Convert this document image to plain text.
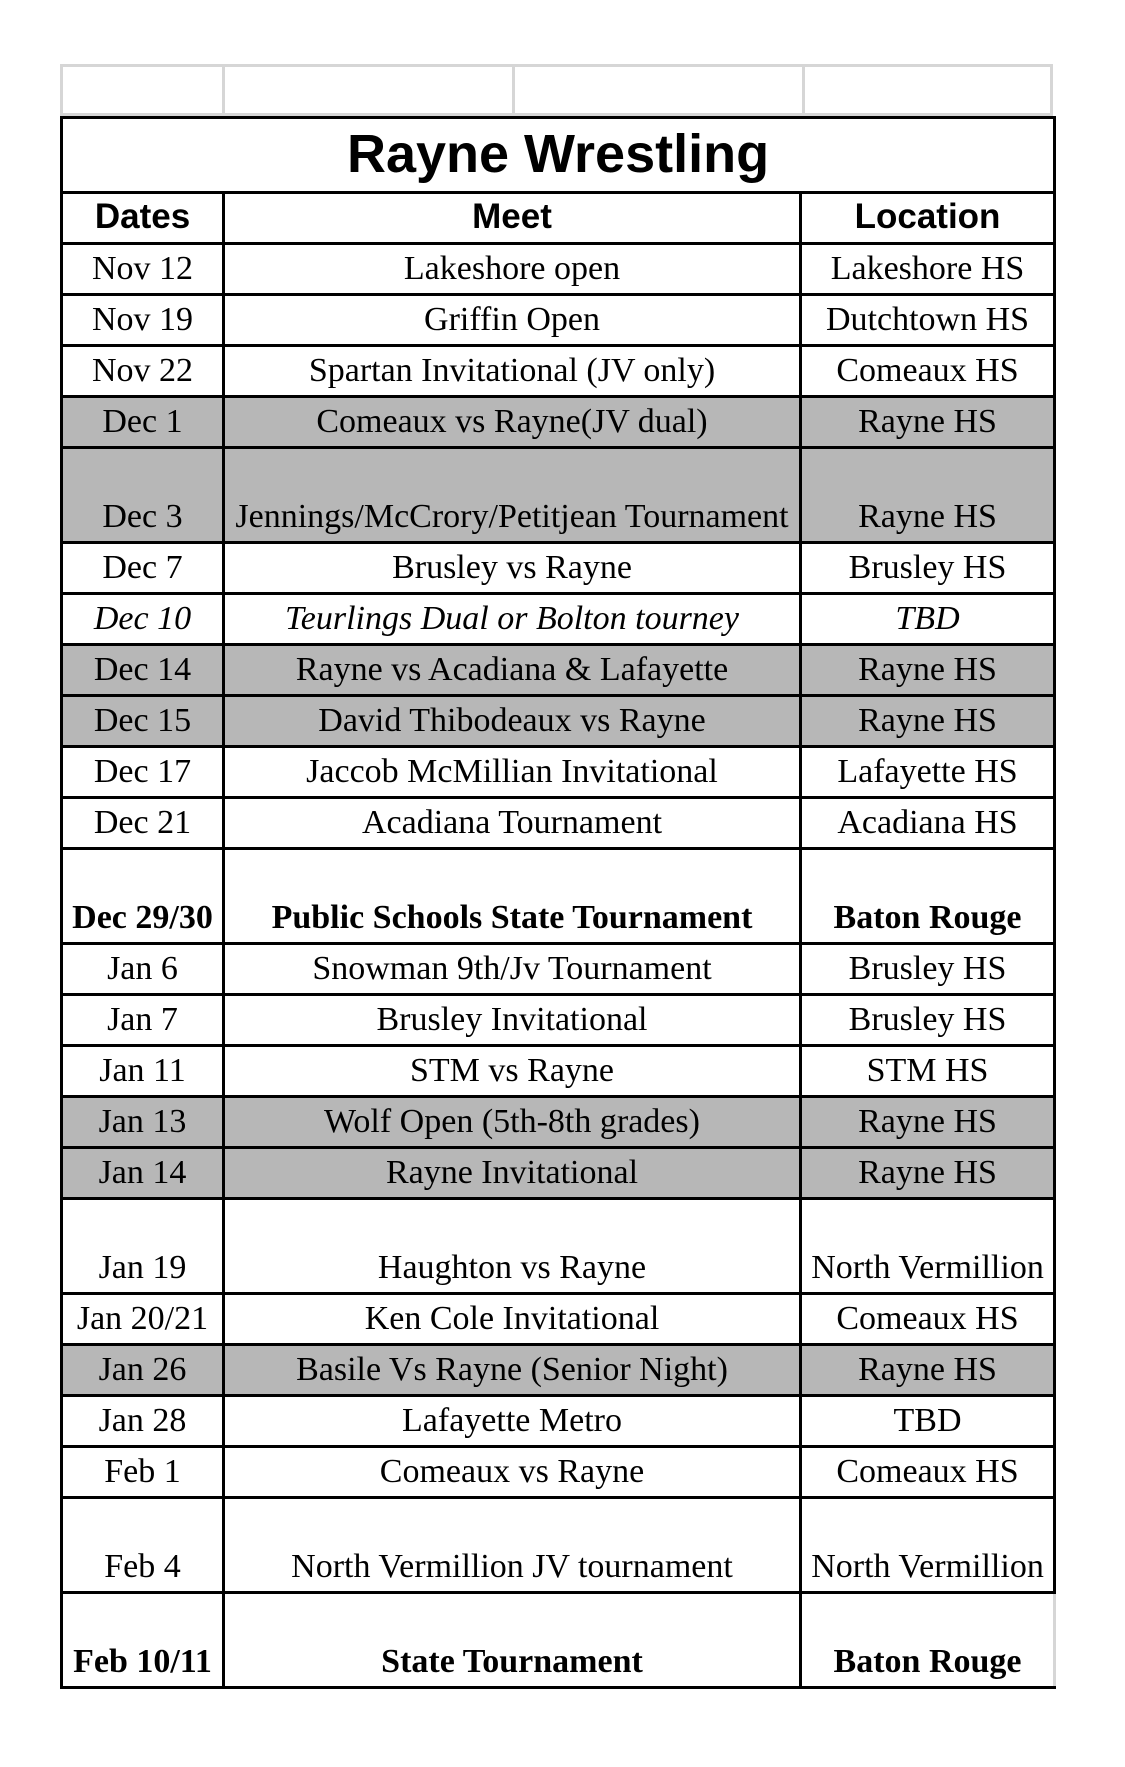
Rayne Wrestling		
Dates	Meet	Location
Nov 12	Lakeshore open	Lakeshore HS
Nov 19	Griffin Open	Dutchtown HS
Nov 22	Spartan Invitational (JV only)	Comeaux HS
Dec 1	Comeaux vs Rayne(JV dual)	Rayne HS
Dec 3	Jennings/McCrory/Petitjean Tournament	Rayne HS
Dec 7	Brusley vs Rayne	Brusley HS
Dec 10	Teurlings Dual or Bolton tourney	TBD
Dec 14	Rayne vs Acadiana & Lafayette	Rayne HS
Dec 15	David Thibodeaux vs Rayne	Rayne HS
Dec 17	Jaccob McMillian Invitational	Lafayette HS
Dec 21	Acadiana Tournament	Acadiana HS
Dec 29/30	Public Schools State Tournament	Baton Rouge
Jan 6	Snowman 9th/Jv Tournament	Brusley HS
Jan 7	Brusley Invitational	Brusley HS
Jan 11	STM vs Rayne	STM HS
Jan 13	Wolf Open (5th-8th grades)	Rayne HS
Jan 14	Rayne Invitational	Rayne HS
Jan 19	Haughton vs Rayne	North Vermillion
Jan 20/21	Ken Cole Invitational	Comeaux HS
Jan 26	Basile Vs Rayne (Senior Night)	Rayne HS
Jan 28	Lafayette Metro	TBD
Feb 1	Comeaux vs Rayne	Comeaux HS
Feb 4	North Vermillion JV tournament	North Vermillion
Feb 10/11	State Tournament	Baton Rouge
